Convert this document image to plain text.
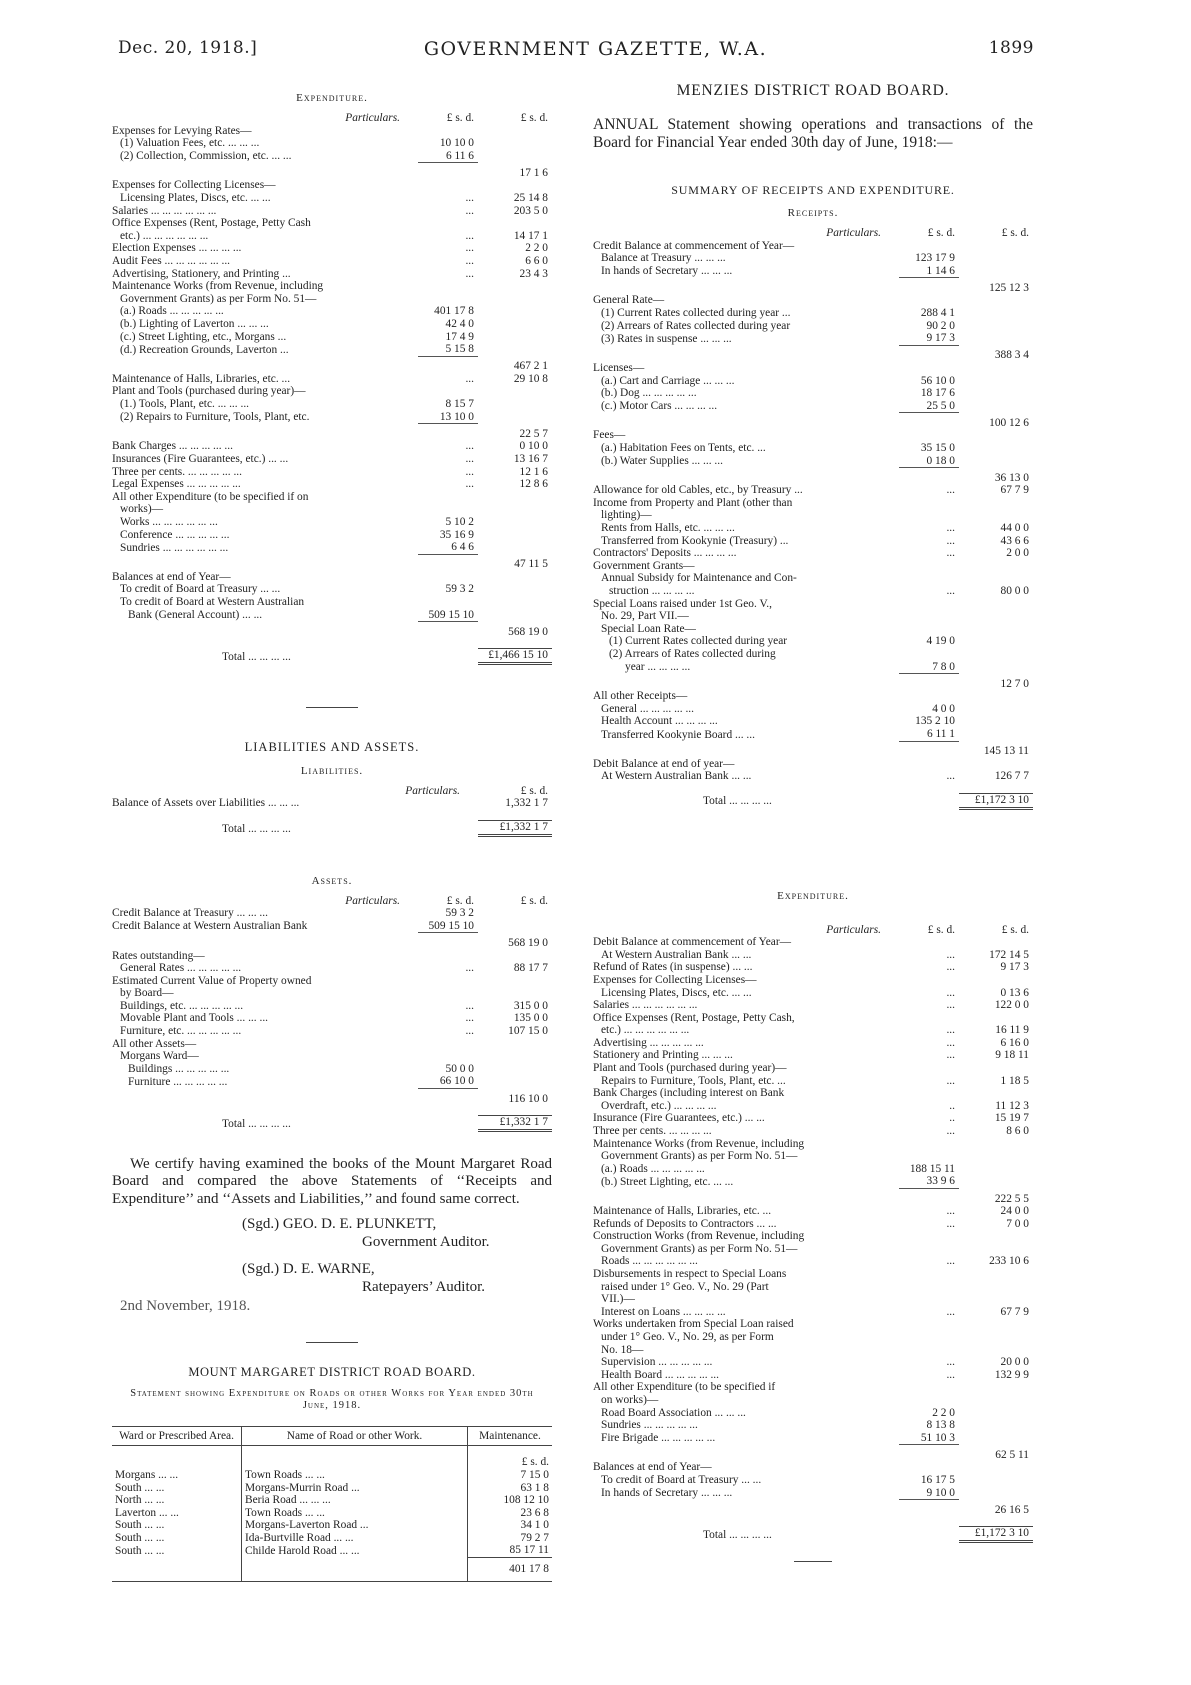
Dec. 20, 1918.]	GOVERNMENT GAZETTE, W.A.	1899
Expenditure.
Particulars.	£ s. d.	£ s. d.
Expenses for Levying Rates—		
(1) Valuation Fees, etc. ... ... ...	10 10 0	
(2) Collection, Commission, etc. ... ...	6 11 6	
		17 1 6
Expenses for Collecting Licenses—		
Licensing Plates, Discs, etc. ... ...	...	25 14 8
Salaries ... ... ... ... ... ...	...	203 5 0
Office Expenses (Rent, Postage, Petty Cash		
etc.) ... ... ... ... ... ...	...	14 17 1
Election Expenses ... ... ... ...	...	2 2 0
Audit Fees ... ... ... ... ... ...	...	6 6 0
Advertising, Stationery, and Printing ...	...	23 4 3
Maintenance Works (from Revenue, including		
Government Grants) as per Form No. 51—		
(a.) Roads ... ... ... ... ...	401 17 8	
(b.) Lighting of Laverton ... ... ...	42 4 0	
(c.) Street Lighting, etc., Morgans ...	17 4 9	
(d.) Recreation Grounds, Laverton ...	5 15 8	
		467 2 1
Maintenance of Halls, Libraries, etc. ...	...	29 10 8
Plant and Tools (purchased during year)—		
(1.) Tools, Plant, etc. ... ... ...	8 15 7	
(2) Repairs to Furniture, Tools, Plant, etc.	13 10 0	
		22 5 7
Bank Charges ... ... ... ... ...	...	0 10 0
Insurances (Fire Guarantees, etc.) ... ...	...	13 16 7
Three per cents. ... ... ... ... ...	...	12 1 6
Legal Expenses ... ... ... ... ...	...	12 8 6
All other Expenditure (to be specified if on		
works)—		
Works ... ... ... ... ... ...	5 10 2	
Conference ... ... ... ... ...	35 16 9	
Sundries ... ... ... ... ... ...	6 4 6	
		47 11 5
Balances at end of Year—		
To credit of Board at Treasury ... ...	59 3 2	
To credit of Board at Western Australian		
Bank (General Account) ... ...	509 15 10	
		568 19 0

Total ... ... ... ...		£1,466 15 10
LIABILITIES AND ASSETS.
Liabilities.
Particulars.	£ s. d.
Balance of Assets over Liabilities ... ... ...	1,332 1 7

Total ... ... ... ...	£1,332 1 7
Assets.
Particulars.	£ s. d.	£ s. d.
Credit Balance at Treasury ... ... ...	59 3 2	
Credit Balance at Western Australian Bank	509 15 10	
		568 19 0
Rates outstanding—		
General Rates ... ... ... ... ...	...	88 17 7
Estimated Current Value of Property owned		
by Board—		
Buildings, etc. ... ... ... ... ...	...	315 0 0
Movable Plant and Tools ... ... ...	...	135 0 0
Furniture, etc. ... ... ... ... ...	...	107 15 0
All other Assets—		
Morgans Ward—		
Buildings ... ... ... ... ...	50 0 0	
Furniture ... ... ... ... ...	66 10 0	
		116 10 0

Total ... ... ... ...		£1,332 1 7

We certify having examined the books of the Mount Margaret Road Board and compared the above Statements of ‘‘Receipts and Expenditure’’ and ‘‘Assets and Liabilities,’’ and found same correct.

(Sgd.) GEO. D. E. PLUNKETT,
Government Auditor.
(Sgd.) D. E. WARNE,
Ratepayers’ Auditor.
2nd November, 1918.
MOUNT MARGARET DISTRICT ROAD BOARD.
Statement showing Expenditure on Roads or other Works for Year ended 30th June, 1918.
Ward or Prescribed Area.	Name of Road or other Work.	Maintenance.
		£ s. d.
Morgans ... ...	Town Roads ... ...	7 15 0
South ... ...	Morgans-Murrin Road ...	63 1 8
North ... ...	Beria Road ... ... ...	108 12 10
Laverton ... ...	Town Roads ... ...	23 6 8
South ... ...	Morgans-Laverton Road ...	34 1 0
South ... ...	Ida-Burtville Road ... ...	79 2 7
South ... ...	Childe Harold Road ... ...	85 17 11
		401 17 8
MENZIES DISTRICT ROAD BOARD.

ANNUAL Statement showing operations and transactions of the Board for Financial Year ended 30th day of June, 1918:—

SUMMARY OF RECEIPTS AND EXPENDITURE.
Receipts.
Particulars.	£ s. d.	£ s. d.
Credit Balance at commencement of Year—		
Balance at Treasury ... ... ...	123 17 9	
In hands of Secretary ... ... ...	1 14 6	
		125 12 3
General Rate—		
(1) Current Rates collected during year ...	288 4 1	
(2) Arrears of Rates collected during year	90 2 0	
(3) Rates in suspense ... ... ...	9 17 3	
		388 3 4
Licenses—		
(a.) Cart and Carriage ... ... ...	56 10 0	
(b.) Dog ... ... ... ... ...	18 17 6	
(c.) Motor Cars ... ... ... ...	25 5 0	
		100 12 6
Fees—		
(a.) Habitation Fees on Tents, etc. ...	35 15 0	
(b.) Water Supplies ... ... ...	0 18 0	
		36 13 0
Allowance for old Cables, etc., by Treasury ...	...	67 7 9
Income from Property and Plant (other than		
lighting)—		
Rents from Halls, etc. ... ... ...	...	44 0 0
Transferred from Kookynie (Treasury) ...	...	43 6 6
Contractors' Deposits ... ... ... ...	...	2 0 0
Government Grants—		
Annual Subsidy for Maintenance and Con-		
struction ... ... ... ...	...	80 0 0
Special Loans raised under 1st Geo. V.,		
No. 29, Part VII.—		
Special Loan Rate—		
(1) Current Rates collected during year	4 19 0	
(2) Arrears of Rates collected during		
year ... ... ... ...	7 8 0	
		12 7 0
All other Receipts—		
General ... ... ... ... ...	4 0 0	
Health Account ... ... ... ...	135 2 10	
Transferred Kookynie Board ... ...	6 11 1	
		145 13 11
Debit Balance at end of year—		
At Western Australian Bank ... ...	...	126 7 7

Total ... ... ... ...		£1,172 3 10
Expenditure.
Particulars.	£ s. d.	£ s. d.
Debit Balance at commencement of Year—		
At Western Australian Bank ... ...	...	172 14 5
Refund of Rates (in suspense) ... ...	...	9 17 3
Expenses for Collecting Licenses—		
Licensing Plates, Discs, etc. ... ...	...	0 13 6
Salaries ... ... ... ... ... ...	...	122 0 0
Office Expenses (Rent, Postage, Petty Cash,		
etc.) ... ... ... ... ... ...	...	16 11 9
Advertising ... ... ... ... ...	...	6 16 0
Stationery and Printing ... ... ...	...	9 18 11
Plant and Tools (purchased during year)—		
Repairs to Furniture, Tools, Plant, etc. ...	...	1 18 5
Bank Charges (including interest on Bank		
Overdraft, etc.) ... ... ... ...	..	11 12 3
Insurance (Fire Guarantees, etc.) ... ...	..	15 19 7
Three per cents. ... ... ... ...	...	8 6 0
Maintenance Works (from Revenue, including		
Government Grants) as per Form No. 51—		
(a.) Roads ... ... ... ... ...	188 15 11	
(b.) Street Lighting, etc. ... ...	33 9 6	
		222 5 5
Maintenance of Halls, Libraries, etc. ...	...	24 0 0
Refunds of Deposits to Contractors ... ...	...	7 0 0
Construction Works (from Revenue, including		
Government Grants) as per Form No. 51—		
Roads ... ... ... ... ... ...	...	233 10 6
Disbursements in respect to Special Loans		
raised under 1° Geo. V., No. 29 (Part		
VII.)—		
Interest on Loans ... ... ... ...	...	67 7 9
Works undertaken from Special Loan raised		
under 1° Geo. V., No. 29, as per Form		
No. 18—		
Supervision ... ... ... ... ...	...	20 0 0
Health Board ... ... ... ... ...	...	132 9 9
All other Expenditure (to be specified if		
on works)—		
Road Board Association ... ... ...	2 2 0	
Sundries ... ... ... ... ...	8 13 8	
Fire Brigade ... ... ... ... ...	51 10 3	
		62 5 11
Balances at end of Year—		
To credit of Board at Treasury ... ...	16 17 5	
In hands of Secretary ... ... ...	9 10 0	
		26 16 5

Total ... ... ... ...		£1,172 3 10
